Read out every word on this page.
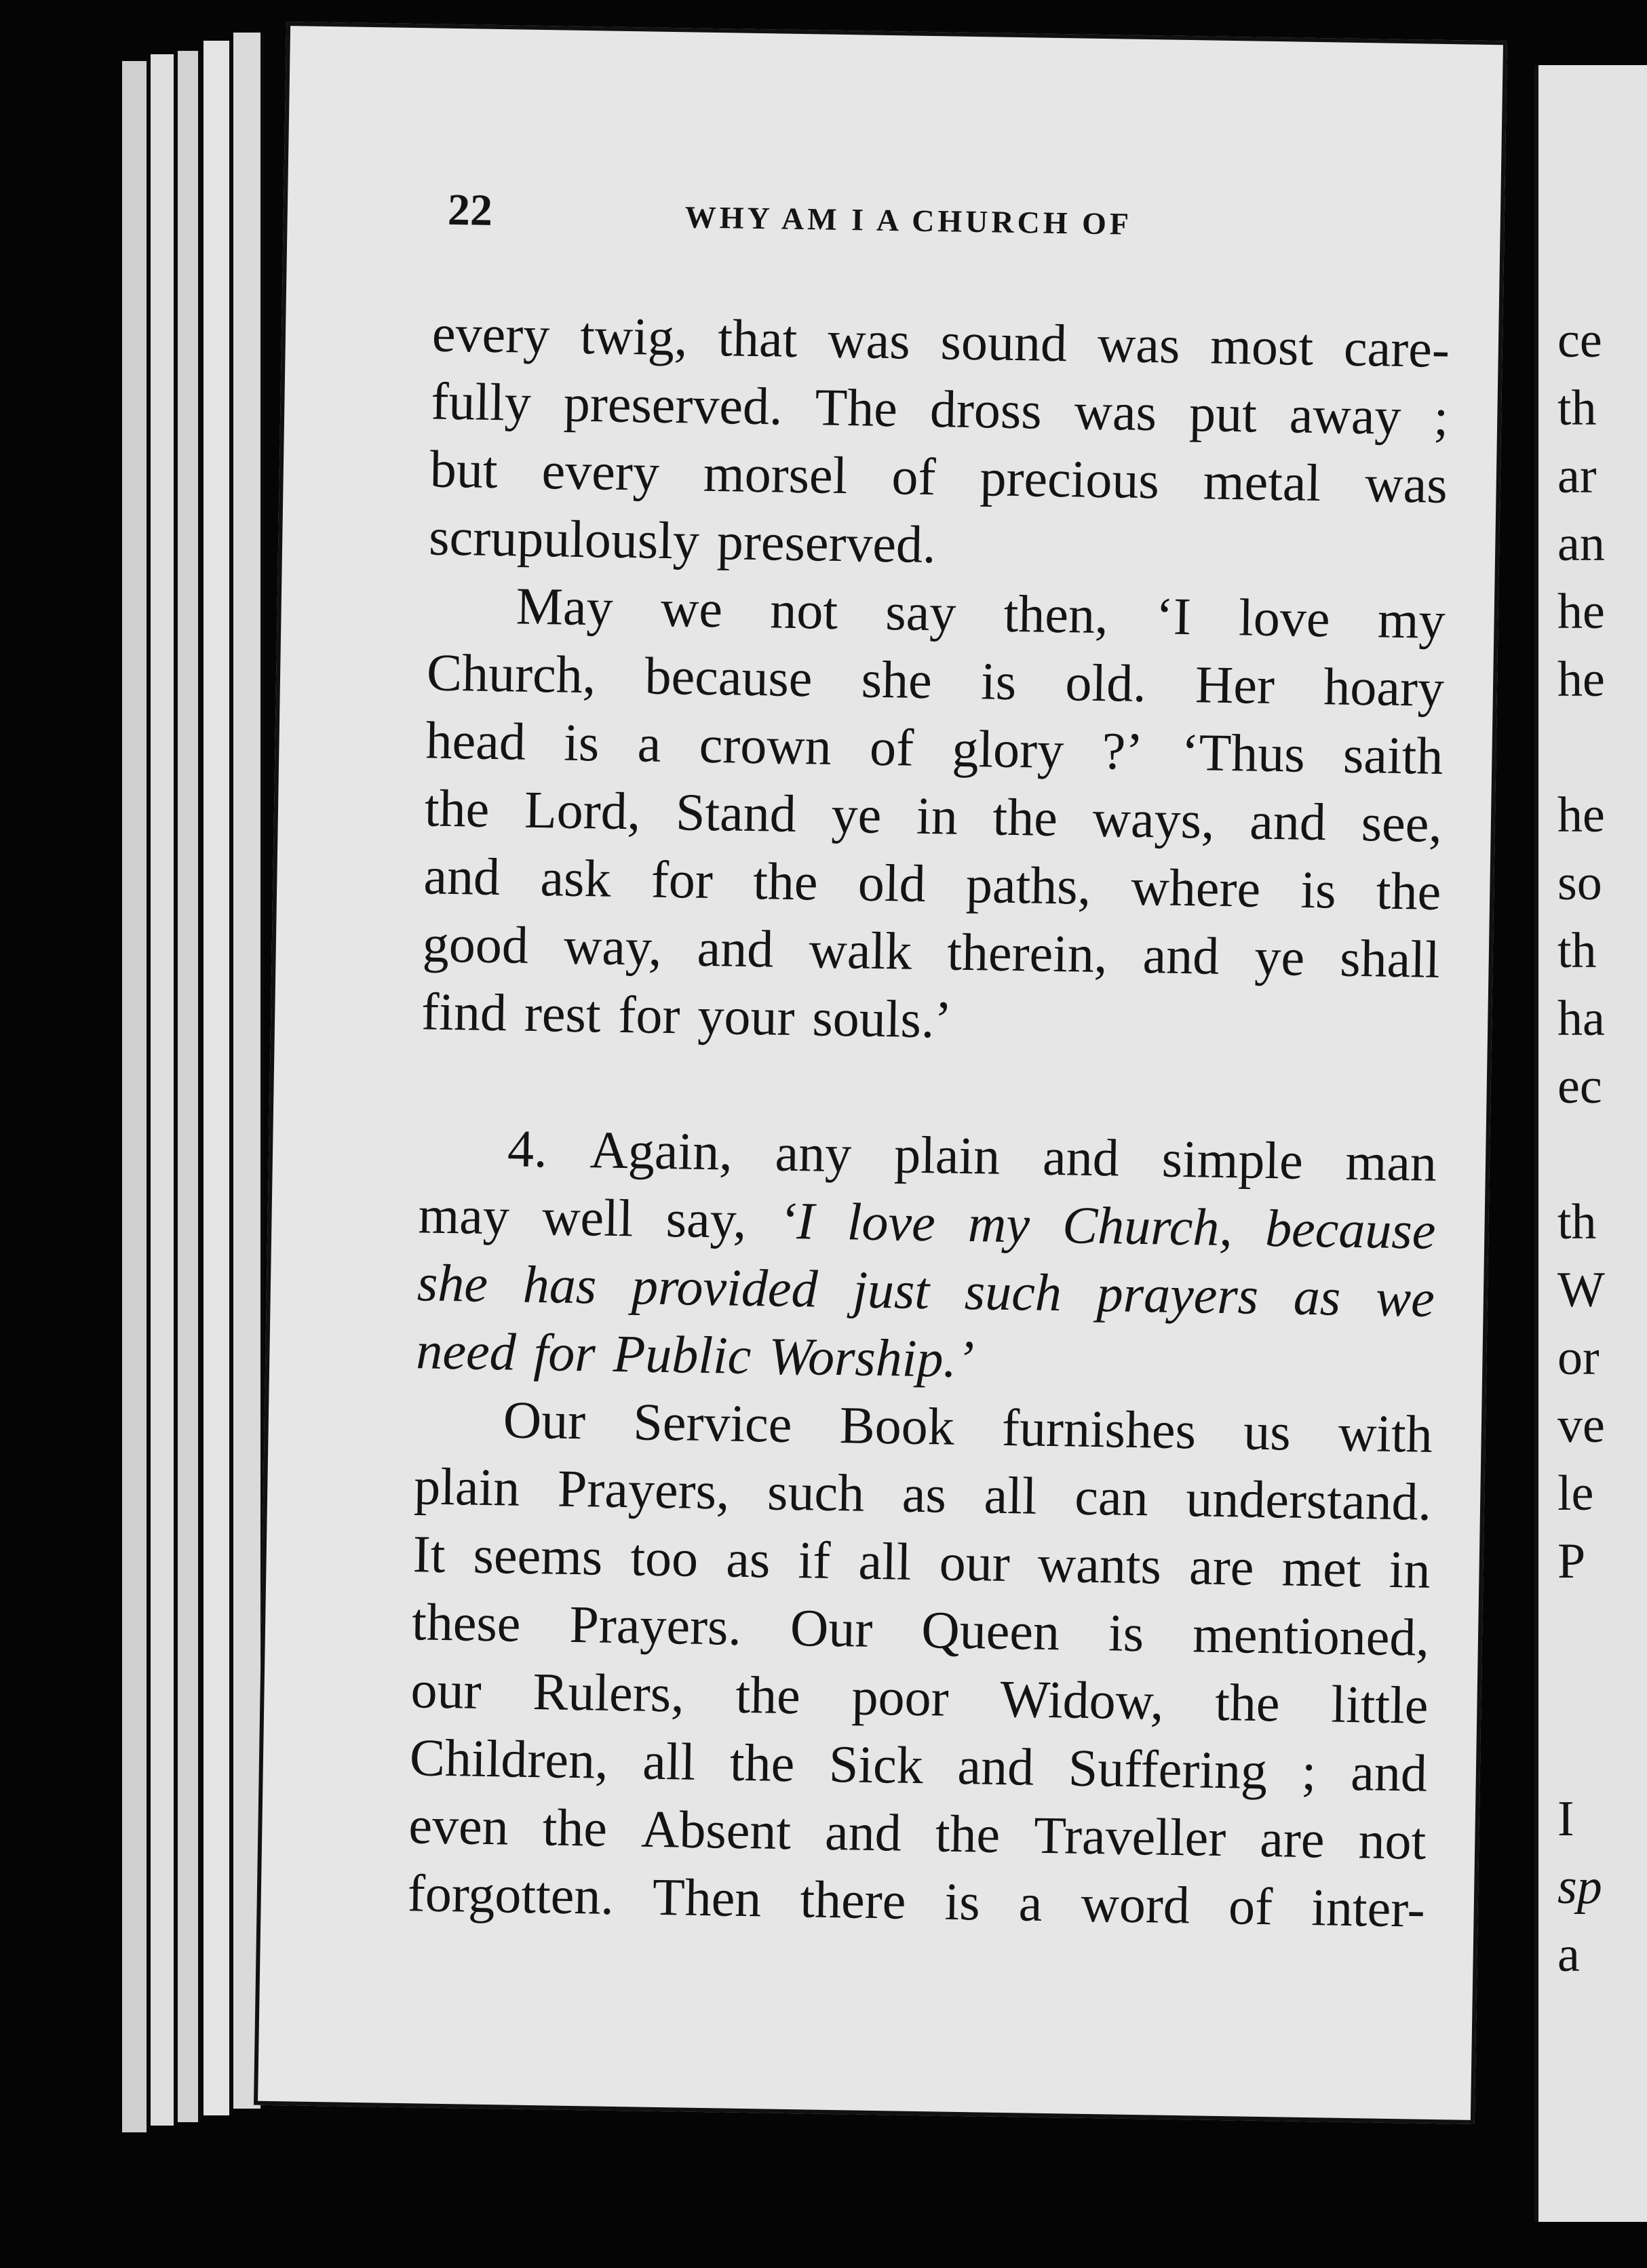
22	WHY AM I A CHURCH OF
every twig, that was sound was most care-
fully preserved. The dross was put away ;
but every morsel of precious metal was
scrupulously preserved.
May we not say then, ‘I love my
Church, because she is old. Her hoary
head is a crown of glory ?’ ‘Thus saith
the Lord, Stand ye in the ways, and see,
and ask for the old paths, where is the
good way, and walk therein, and ye shall
find rest for your souls.’
4. Again, any plain and simple man
may well say, ‘I love my Church, because
she has provided just such prayers as we
need for Public Worship.’
Our Service Book furnishes us with
plain Prayers, such as all can understand.
It seems too as if all our wants are met in
these Prayers. Our Queen is mentioned,
our Rulers, the poor Widow, the little
Children, all the Sick and Suffering ; and
even the Absent and the Traveller are not
forgotten. Then there is a word of inter-
ce
th
ar
an
he
he
he
so
th
ha
ec
th
W
or
ve
le
P
I
sp
a
